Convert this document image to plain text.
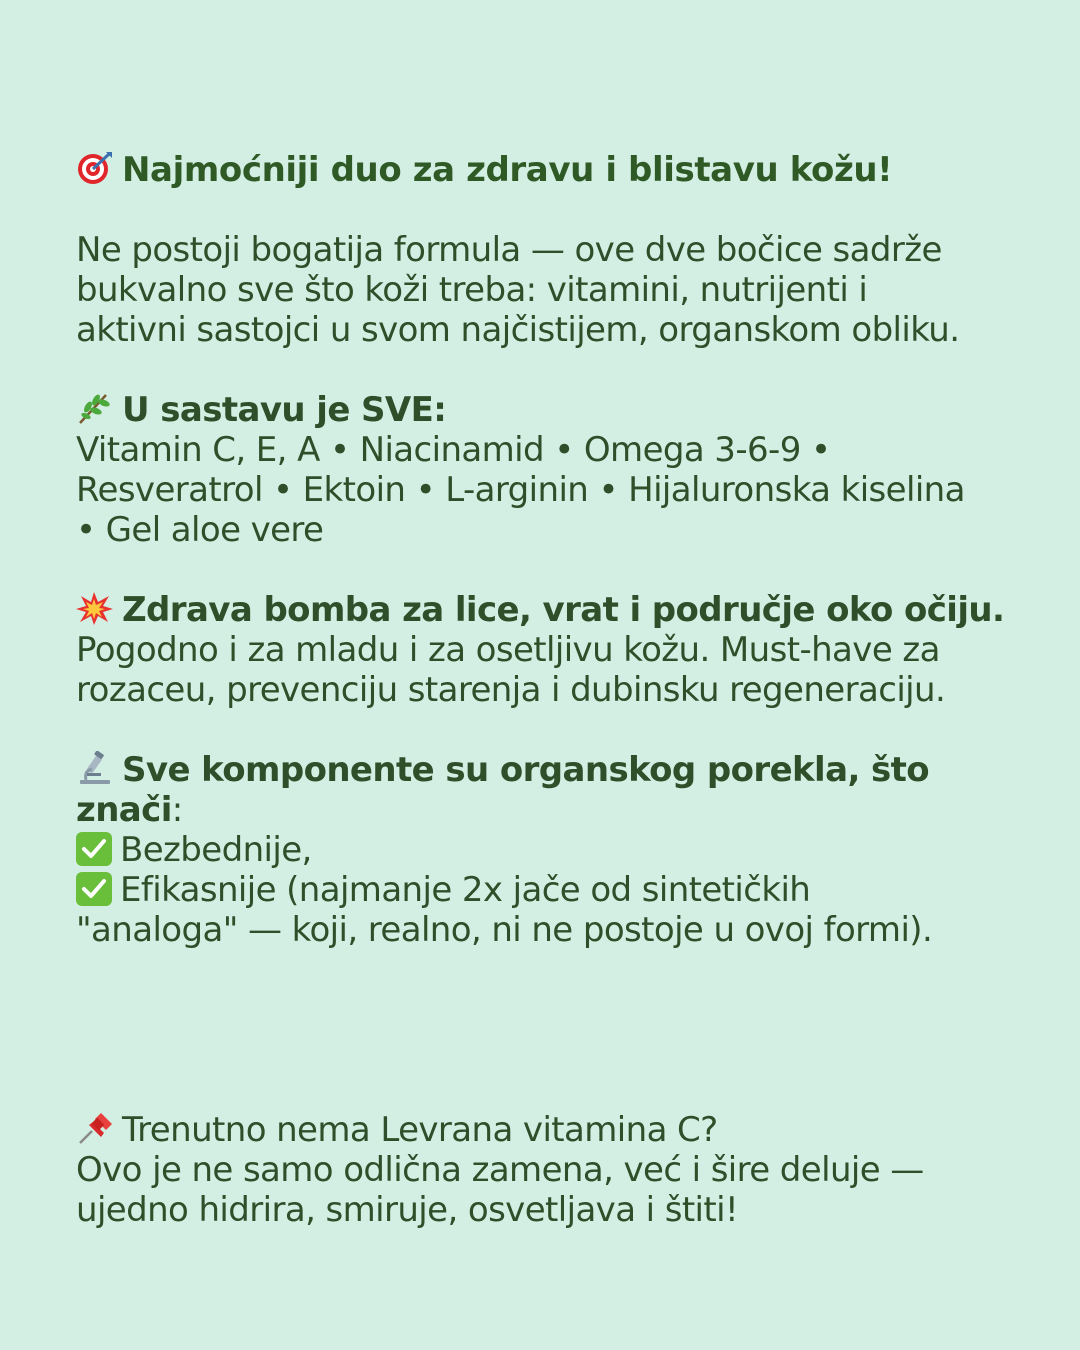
Najmoćniji duo za zdravu i blistavu kožu!
Ne postoji bogatija formula — ove dve bočice sadrže
bukvalno sve što koži treba: vitamini, nutrijenti i
aktivni sastojci u svom najčistijem, organskom obliku.
U sastavu je SVE:
Vitamin C, E, A • Niacinamid • Omega 3-6-9 •
Resveratrol • Ektoin • L-arginin • Hijaluronska kiselina
• Gel aloe vere
Zdrava bomba za lice, vrat i područje oko očiju.
Pogodno i za mladu i za osetljivu kožu. Must-have za
rozaceu, prevenciju starenja i dubinsku regeneraciju.
Sve komponente su organskog porekla, što
znači:
Bezbednije,
Efikasnije (najmanje 2x jače od sintetičkih
"analoga" — koji, realno, ni ne postoje u ovoj formi).
Trenutno nema Levrana vitamina C?
Ovo je ne samo odlična zamena, već i šire deluje —
ujedno hidrira, smiruje, osvetljava i štiti!
